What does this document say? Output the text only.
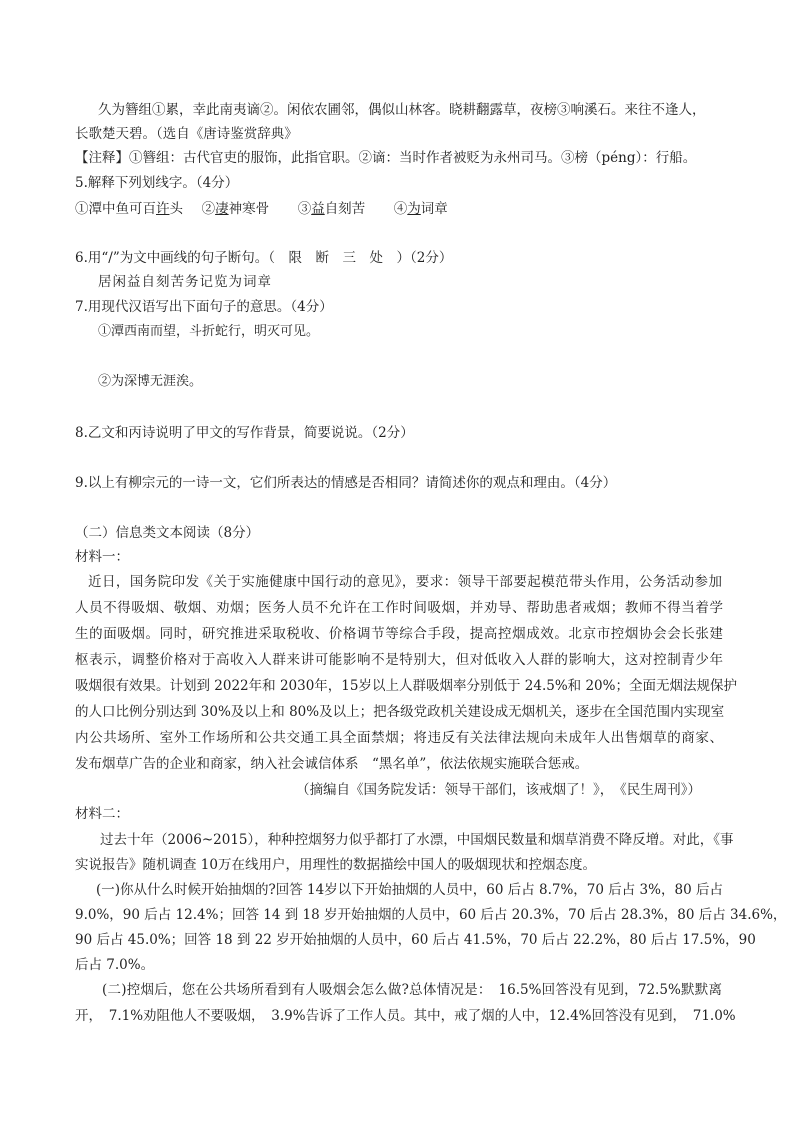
久为簪组①累，幸此南夷谪②。闲依农圃邻，偶似山林客。晓耕翻露草，夜榜③响溪石。来往不逢人，
长歌楚天碧。（选自《唐诗鉴赏辞典》
【注释】①簪组：古代官吏的服饰，此指官职。②谪：当时作者被贬为永州司马。③榜（péng）：行船。
5.解释下列划线字。（4分）
①潭中鱼可百许头 ②凄神寒骨 ③益自刻苦 ④为词章
6.用“/”为文中画线的句子断句。（　限　断　三　处　）（2分）
居闲益自刻苦务记览为词章
7.用现代汉语写出下面句子的意思。（4分）
①潭西南而望，斗折蛇行，明灭可见。
②为深博无涯涘。
8.乙文和丙诗说明了甲文的写作背景，简要说说。（2分）
9.以上有柳宗元的一诗一文，它们所表达的情感是否相同？请简述你的观点和理由。（4分）
（二）信息类文本阅读（8分）
材料一：
近日，国务院印发《关于实施健康中国行动的意见》，要求：领导干部要起模范带头作用，公务活动参加
人员不得吸烟、敬烟、劝烟；医务人员不允许在工作时间吸烟，并劝导、帮助患者戒烟；教师不得当着学
生的面吸烟。同时，研究推进采取税收、价格调节等综合手段，提高控烟成效。北京市控烟协会会长张建
枢表示，调整价格对于高收入人群来讲可能影响不是特别大，但对低收入人群的影响大，这对控制青少年
吸烟很有效果。计划到 2022年和 2030年，15岁以上人群吸烟率分别低于 24.5%和 20%；全面无烟法规保护
的人口比例分别达到 30%及以上和 80%及以上；把各级党政机关建设成无烟机关，逐步在全国范围内实现室
内公共场所、室外工作场所和公共交通工具全面禁烟；将违反有关法律法规向未成年人出售烟草的商家、
发布烟草广告的企业和商家，纳入社会诚信体系　“黑名单”，依法依规实施联合惩戒。
（摘编自《国务院发话：领导干部们，该戒烟了！》，　《民生周刊》）
材料二：
过去十年（2006~2015），种种控烟努力似乎都打了水漂，中国烟民数量和烟草消费不降反增。对此，《事
实说报告》随机调查 10万在线用户，用理性的数据描绘中国人的吸烟现状和控烟态度。
(一)你从什么时候开始抽烟的?回答 14岁以下开始抽烟的人员中，60 后占 8.7%，70 后占 3%，80 后占
9.0%，90 后占 12.4%；回答 14 到 18 岁开始抽烟的人员中，60 后占 20.3%，70 后占 28.3%，80 后占 34.6%，
90 后占 45.0%；回答 18 到 22 岁开始抽烟的人员中，60 后占 41.5%，70 后占 22.2%，80 后占 17.5%，90
后占 7.0%。
(二)控烟后，您在公共场所看到有人吸烟会怎么做?总体情况是：　16.5%回答没有见到，72.5%默默离
开，　7.1%劝阻他人不要吸烟，　3.9%告诉了工作人员。其中，戒了烟的人中，12.4%回答没有见到，　71.0%
